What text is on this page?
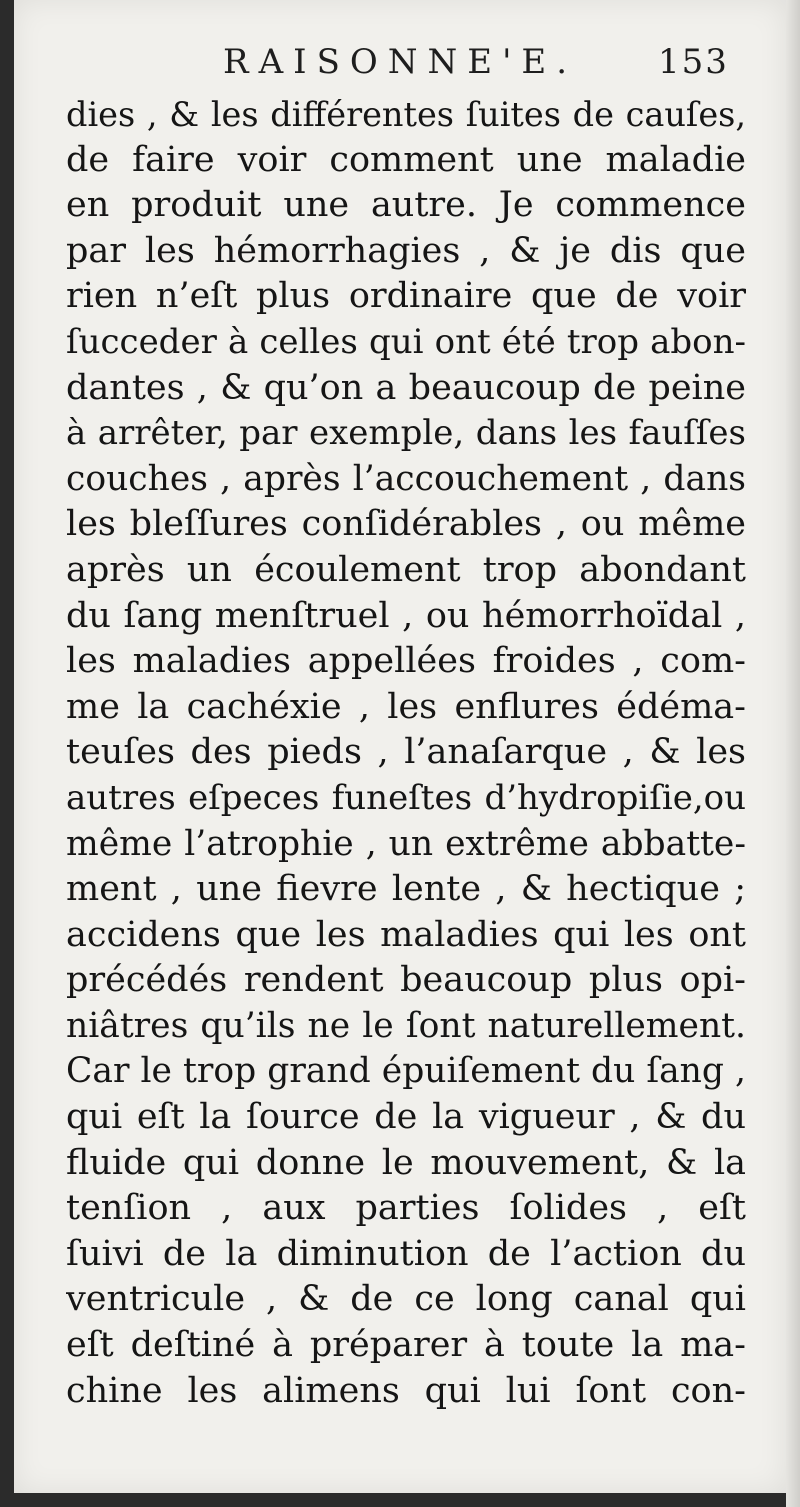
RAISONNE'E. 153
dies , & les différentes ſuites de cauſes,
de faire voir comment une maladie
en produit une autre. Je commence
par les hémorrhagies , & je dis que
rien n’eſt plus ordinaire que de voir
ſucceder à celles qui ont été trop abon-
dantes , & qu’on a beaucoup de peine
à arrêter, par exemple, dans les fauſſes
couches , après l’accouchement , dans
les bleſſures conſidérables , ou même
après un écoulement trop abondant
du ſang menſtruel , ou hémorrhoïdal ,
les maladies appellées froides , com-
me la cachéxie , les enflures édéma-
teuſes des pieds , l’anaſarque , & les
autres eſpeces funeſtes d’hydropiſie,ou
même l’atrophie , un extrême abbatte-
ment , une fievre lente , & hectique ;
accidens que les maladies qui les ont
précédés rendent beaucoup plus opi-
niâtres qu’ils ne le ſont naturellement.
Car le trop grand épuiſement du ſang ,
qui eſt la ſource de la vigueur , & du
fluide qui donne le mouvement, & la
tenſion , aux parties ſolides , eſt
ſuivi de la diminution de l’action du
ventricule , & de ce long canal qui
eſt deſtiné à préparer à toute la ma-
chine les alimens qui lui ſont con-
